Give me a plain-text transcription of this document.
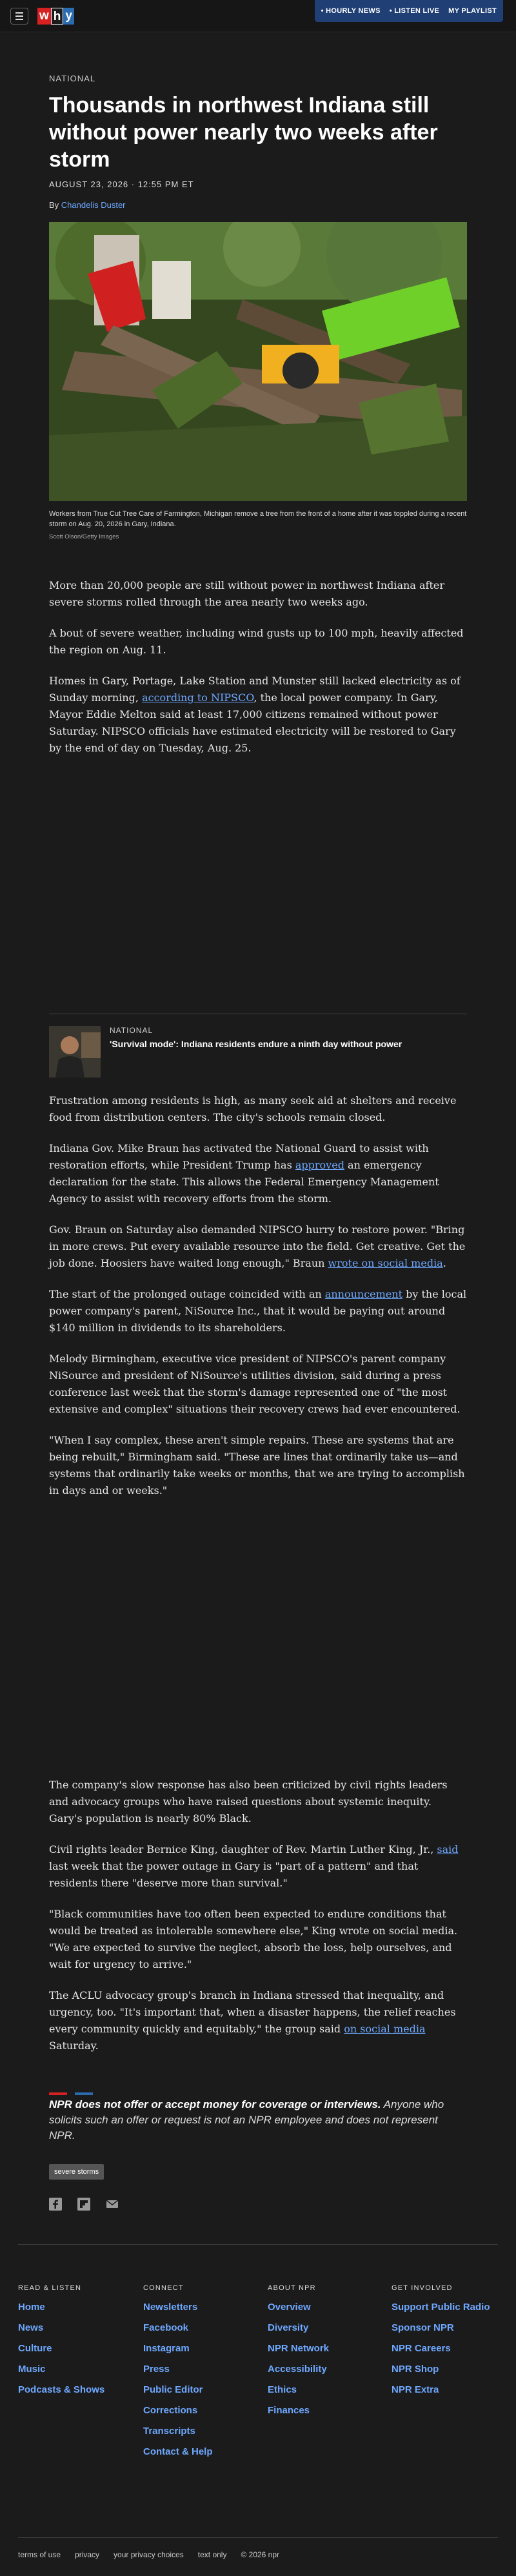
w h y	• HOURLY NEWS • LISTEN LIVE MY PLAYLIST
NATIONAL
Thousands in northwest Indiana still without power nearly two weeks after storm
AUGUST 23, 2026 · 12:55 PM ET
By Chandelis Duster
Workers from True Cut Tree Care of Farmington, Michigan remove a tree from the front of a home after it was toppled during a recent storm on Aug. 20, 2026 in Gary, Indiana.
Scott Olson/Getty Images

More than 20,000 people are still without power in northwest Indiana after severe storms rolled through the area nearly two weeks ago.

A bout of severe weather, including wind gusts up to 100 mph, heavily affected the region on Aug. 11.

Homes in Gary, Portage, Lake Station and Munster still lacked electricity as of Sunday morning, according to NIPSCO, the local power company. In Gary, Mayor Eddie Melton said at least 17,000 citizens remained without power Saturday. NIPSCO officials have estimated electricity will be restored to Gary by the end of day on Tuesday, Aug. 25.

NATIONAL
'Survival mode': Indiana residents endure a ninth day without power

Frustration among residents is high, as many seek aid at shelters and receive food from distribution centers. The city's schools remain closed.

Indiana Gov. Mike Braun has activated the National Guard to assist with restoration efforts, while President Trump has approved an emergency declaration for the state. This allows the Federal Emergency Management Agency to assist with recovery efforts from the storm.

Gov. Braun on Saturday also demanded NIPSCO hurry to restore power. "Bring in more crews. Put every available resource into the field. Get creative. Get the job done. Hoosiers have waited long enough," Braun wrote on social media.

The start of the prolonged outage coincided with an announcement by the local power company's parent, NiSource Inc., that it would be paying out around $140 million in dividends to its shareholders.

Melody Birmingham, executive vice president of NIPSCO's parent company NiSource and president of NiSource's utilities division, said during a press conference last week that the storm's damage represented one of "the most extensive and complex" situations their recovery crews had ever encountered.

"When I say complex, these aren't simple repairs. These are systems that are being rebuilt," Birmingham said. "These are lines that ordinarily take us—and systems that ordinarily take weeks or months, that we are trying to accomplish in days and or weeks."

The company's slow response has also been criticized by civil rights leaders and advocacy groups who have raised questions about systemic inequity. Gary's population is nearly 80% Black.

Civil rights leader Bernice King, daughter of Rev. Martin Luther King, Jr., said last week that the power outage in Gary is "part of a pattern" and that residents there "deserve more than survival."

"Black communities have too often been expected to endure conditions that would be treated as intolerable somewhere else," King wrote on social media. "We are expected to survive the neglect, absorb the loss, help ourselves, and wait for urgency to arrive."

The ACLU advocacy group's branch in Indiana stressed that inequality, and urgency, too. "It's important that, when a disaster happens, the relief reaches every community quickly and equitably," the group said on social media Saturday.

NPR does not offer or accept money for coverage or interviews. Anyone who solicits such an offer or request is not an NPR employee and does not represent NPR.
severe storms
READ & LISTEN
Home
News
Culture
Music
Podcasts & Shows
CONNECT
Newsletters
Facebook
Instagram
Press
Public Editor
Corrections
Transcripts
Contact & Help
ABOUT NPR
Overview
Diversity
NPR Network
Accessibility
Ethics
Finances
GET INVOLVED
Support Public Radio
Sponsor NPR
NPR Careers
NPR Shop
NPR Extra
terms of use privacy your privacy choices text only © 2026 npr
